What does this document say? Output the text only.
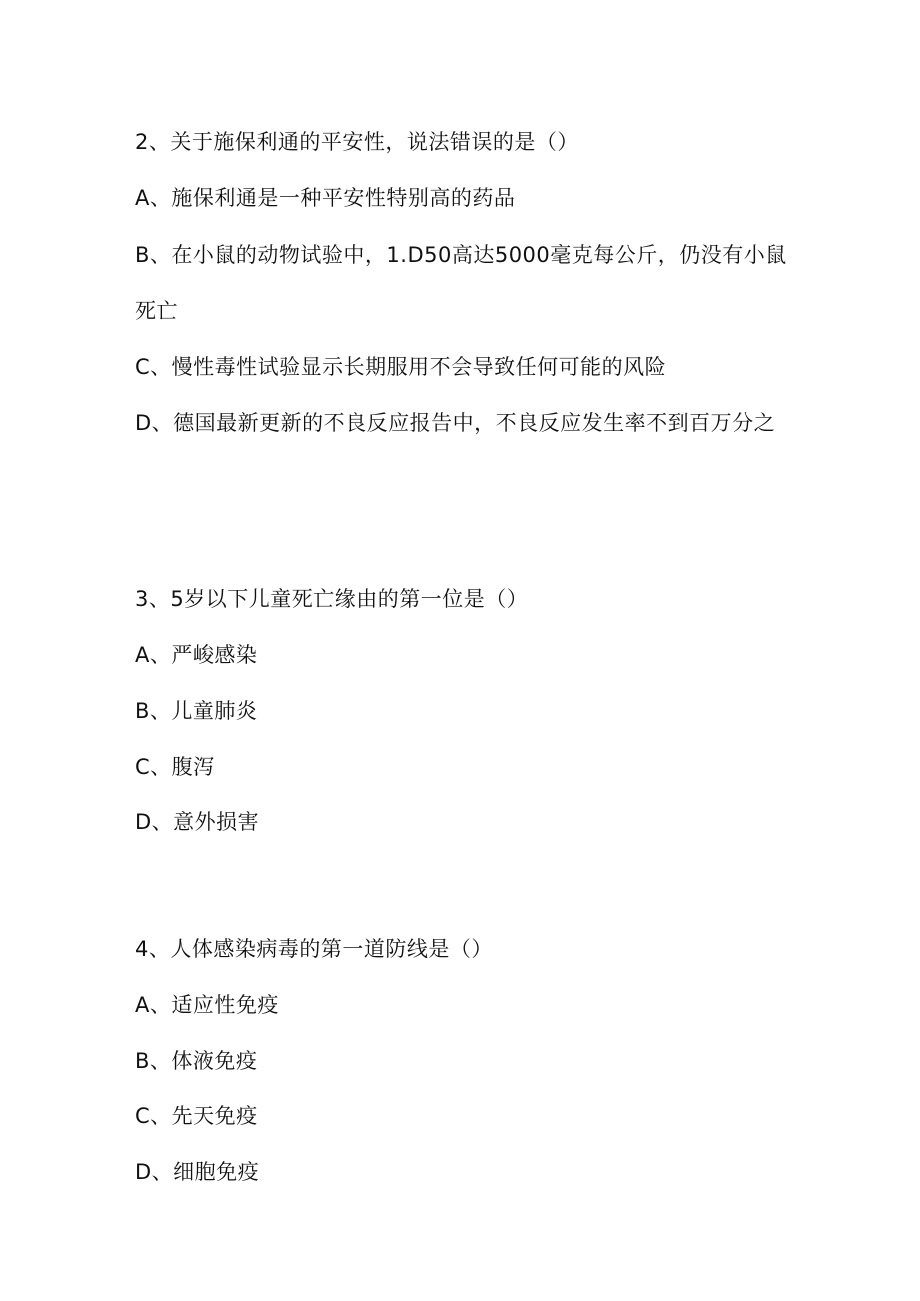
2、关于施保利通的平安性，说法错误的是（）
A、施保利通是一种平安性特别高的药品
B、在小鼠的动物试验中，1.D50高达5000毫克每公斤，仍没有小鼠
死亡
C、慢性毒性试验显示长期服用不会导致任何可能的风险
D、德国最新更新的不良反应报告中，不良反应发生率不到百万分之
3、5岁以下儿童死亡缘由的第一位是（）
A、严峻感染
B、儿童肺炎
C、腹泻
D、意外损害
4、人体感染病毒的第一道防线是（）
A、适应性免疫
B、体液免疫
C、先天免疫
D、细胞免疫
